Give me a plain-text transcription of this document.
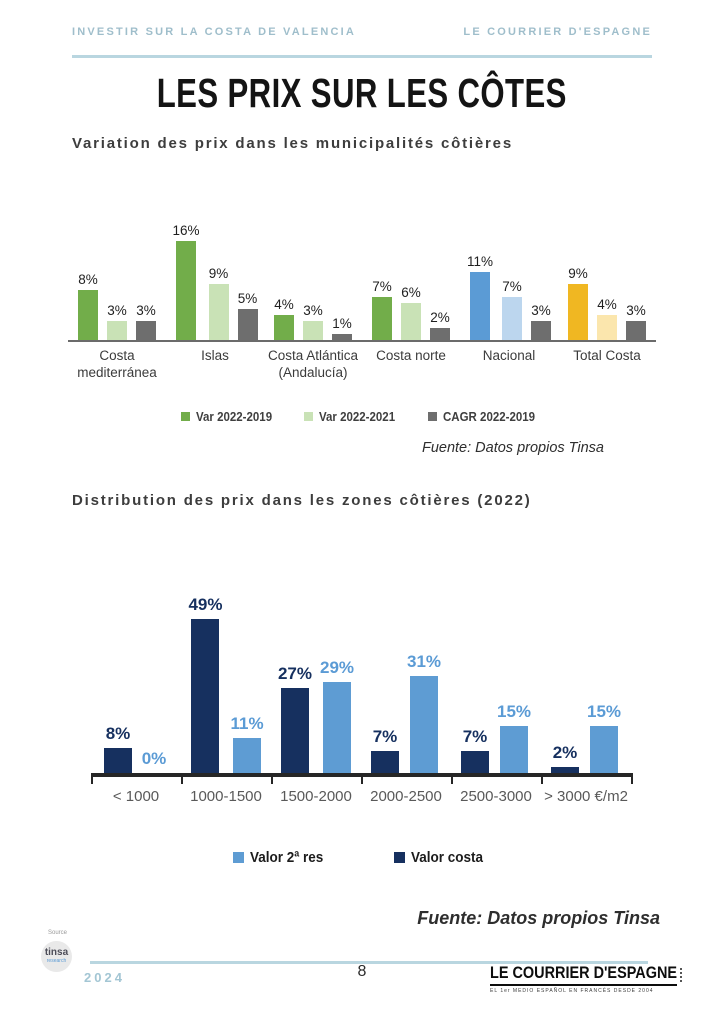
INVESTIR SUR LA COSTA DE VALENCIA	LE COURRIER D'ESPAGNE
LES PRIX SUR LES CÔTES
Variation des prix dans les municipalités côtières
8%
3% 3%
16%
9%
5% 4% 3%
1%
7% 6%
2%
11%
7%
3%
9%
4% 3%
Costa mediterránea
Islas	Costa Atlántica (Andalucía)
Costa norte	Nacional	Total Costa
Var 2022-2019	Var 2022-2021	CAGR 2022-2019
Fuente: Datos propios Tinsa
Distribution des prix dans les zones côtières (2022)
8%
0%
49%
11%
27% 29%
7%
31%
7%
15%
2%
15%
< 1000	1000-1500	1500-2000	2000-2500	2500-3000 > 3000 €/m2
Valor 2ª res	Valor costa
Fuente: Datos propios Tinsa
Source
tinsa
research
2024	8	LE COURRIER D'ESPAGNE
EL 1er MEDIO ESPAÑOL EN FRANCÉS DESDE 2004
